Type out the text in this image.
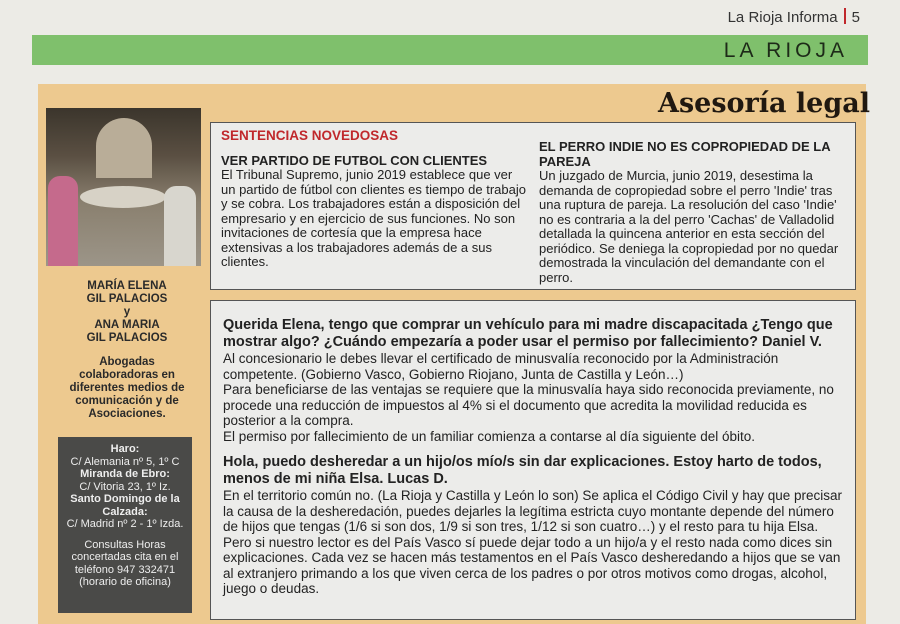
La Rioja Informa 5
LA RIOJA
Asesoría legal
MARÍA ELENA
GIL PALACIOS
y
ANA MARIA
GIL PALACIOS
Abogadas colaboradoras en diferentes medios de comunicación y de Asociaciones.
Haro:
C/ Alemania nº 5, 1º C
Miranda de Ebro:
C/ Vitoria 23, 1º Iz.
Santo Domingo de la Calzada:
C/ Madrid nº 2 - 1º Izda.
Consultas Horas concertadas cita en el teléfono 947 332471 (horario de oficina)
SENTENCIAS NOVEDOSAS
VER PARTIDO DE FUTBOL CON CLIENTES
El Tribunal Supremo, junio 2019 establece que ver un partido de fútbol con clientes es tiempo de trabajo y se cobra. Los trabajadores están a disposición del empresario y en ejercicio de sus funciones. No son invitaciones de cortesía que la empresa hace extensivas a los trabajadores además de a sus clientes.
EL PERRO INDIE NO ES COPROPIEDAD DE LA PAREJA
Un juzgado de Murcia, junio 2019, desestima la demanda de copropiedad sobre el perro 'Indie' tras una ruptura de pareja. La resolución del caso 'Indie' no es contraria a la del perro 'Cachas' de Valladolid detallada la quincena anterior en esta sección del periódico. Se deniega la copropiedad por no quedar demostrada la vinculación del demandante con el perro.
Querida Elena, tengo que comprar un vehículo para mi madre discapacitada ¿Tengo que mostrar algo? ¿Cuándo empezaría a poder usar el permiso por fallecimiento? Daniel V.

Al concesionario le debes llevar el certificado de minusvalía reconocido por la Administración competente. (Gobierno Vasco, Gobierno Riojano, Junta de Castilla y León…)

Para beneficiarse de las ventajas se requiere que la minusvalía haya sido reconocida previamente, no procede una reducción de impuestos al 4% si el documento que acredita la movilidad reducida es posterior a la compra.

El permiso por fallecimiento de un familiar comienza a contarse al día siguiente del óbito.

Hola, puedo desheredar a un hijo/os mío/s sin dar explicaciones. Estoy harto de todos, menos de mi niña Elsa. Lucas D.

En el territorio común no. (La Rioja y Castilla y León lo son) Se aplica el Código Civil y hay que precisar la causa de la desheredación, puedes dejarles la legítima estricta cuyo montante depende del número de hijos que tengas (1/6 si son dos, 1/9 si son tres, 1/12 si son cuatro…) y el resto para tu hija Elsa.

Pero si nuestro lector es del País Vasco sí puede dejar todo a un hijo/a y el resto nada como dices sin explicaciones. Cada vez se hacen más testamentos en el País Vasco desheredando a hijos que se van al extranjero primando a los que viven cerca de los padres o por otros motivos como drogas, alcohol, juego o deudas.
